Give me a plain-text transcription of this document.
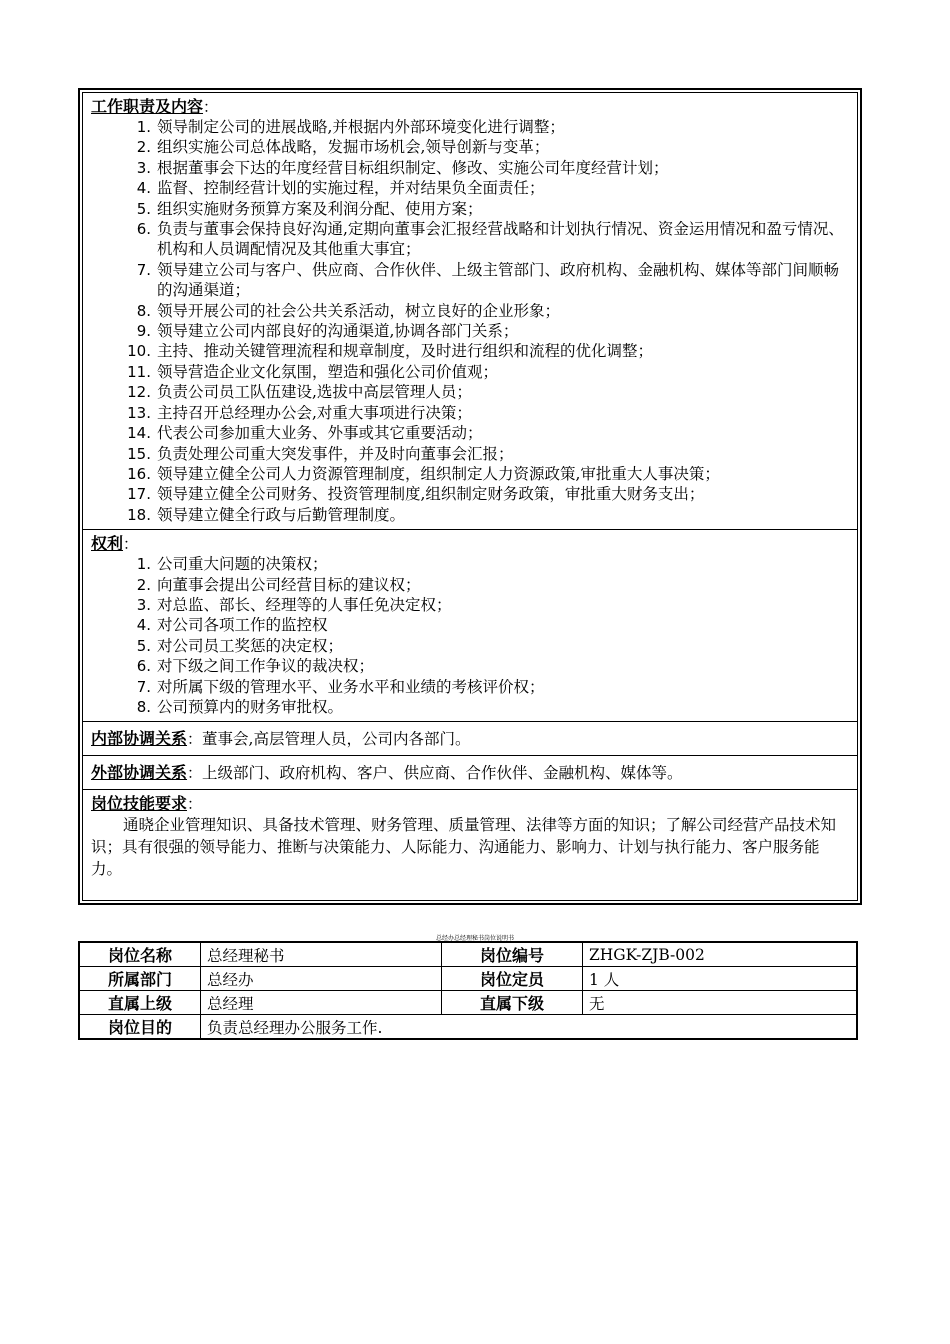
工作职责及内容：
1. 领导制定公司的进展战略,并根据内外部环境变化进行调整；
2. 组织实施公司总体战略，发掘市场机会,领导创新与变革；
3. 根据董事会下达的年度经营目标组织制定、修改、实施公司年度经营计划；
4. 监督、控制经营计划的实施过程，并对结果负全面责任；
5. 组织实施财务预算方案及利润分配、使用方案；
6. 负责与董事会保持良好沟通,定期向董事会汇报经营战略和计划执行情况、资金运用情况和盈亏情况、机构和人员调配情况及其他重大事宜；
7. 领导建立公司与客户、供应商、合作伙伴、上级主管部门、政府机构、金融机构、媒体等部门间顺畅的沟通渠道；
8. 领导开展公司的社会公共关系活动，树立良好的企业形象；
9. 领导建立公司内部良好的沟通渠道,协调各部门关系；
10. 主持、推动关键管理流程和规章制度，及时进行组织和流程的优化调整；
11. 领导营造企业文化氛围，塑造和强化公司价值观；
12. 负责公司员工队伍建设,选拔中高层管理人员；
13. 主持召开总经理办公会,对重大事项进行决策；
14. 代表公司参加重大业务、外事或其它重要活动；
15. 负责处理公司重大突发事件，并及时向董事会汇报；
16. 领导建立健全公司人力资源管理制度，组织制定人力资源政策,审批重大人事决策；
17. 领导建立健全公司财务、投资管理制度,组织制定财务政策，审批重大财务支出；
18. 领导建立健全行政与后勤管理制度。
权利：
1. 公司重大问题的决策权；
2. 向董事会提出公司经营目标的建议权；
3. 对总监、部长、经理等的人事任免决定权；
4. 对公司各项工作的监控权
5. 对公司员工奖惩的决定权；
6. 对下级之间工作争议的裁决权；
7. 对所属下级的管理水平、业务水平和业绩的考核评价权；
8. 公司预算内的财务审批权。
内部协调关系：董事会,高层管理人员，公司内各部门。
外部协调关系：上级部门、政府机构、客户、供应商、合作伙伴、金融机构、媒体等。
岗位技能要求：
通晓企业管理知识、具备技术管理、财务管理、质量管理、法律等方面的知识；了解公司经营产品技术知识；具有很强的领导能力、推断与决策能力、人际能力、沟通能力、影响力、计划与执行能力、客户服务能力。
总经办总经理秘书岗位说明书
岗位名称	总经理秘书	岗位编号	ZHGK-ZJB-002
所属部门	总经办	岗位定员	1 人
直属上级	总经理	直属下级	无
岗位目的	负责总经理办公服务工作.		
